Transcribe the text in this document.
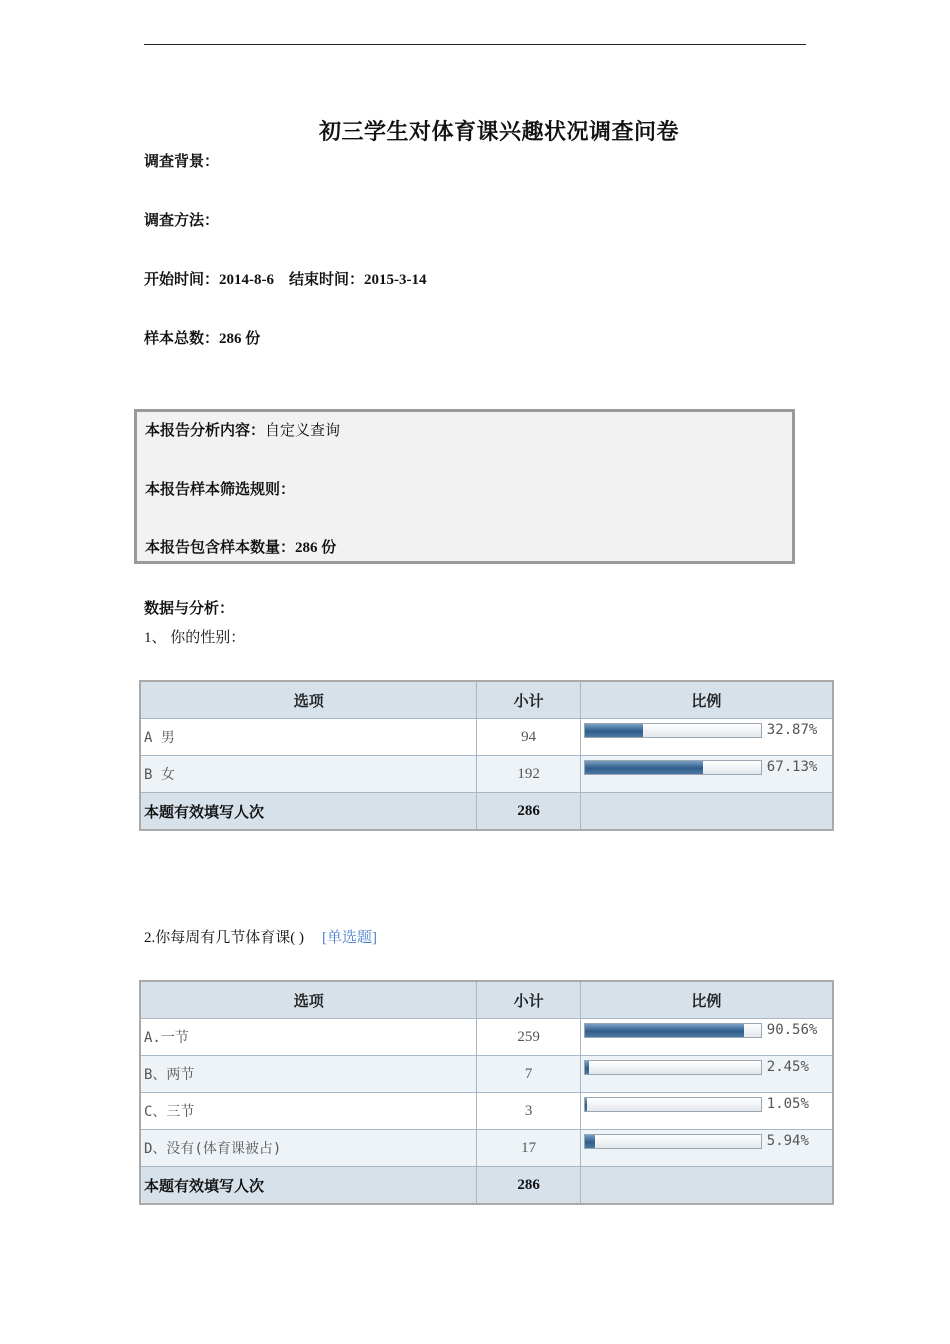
初三学生对体育课兴趣状况调查问卷
调查背景：
调查方法：
开始时间：2014-8-6　结束时间：2015-3-14
样本总数：286 份
本报告分析内容：自定义查询
本报告样本筛选规则：
本报告包含样本数量：286 份
数据与分析：
1、 你的性别：
选项	小计	比例
A 男	94	32.87%

B 女	192	67.13%

本题有效填写人次	286	
2.你每周有几节体育课( ) [单选题]
选项	小计	比例
A.一节	259	90.56%

B、两节	7	2.45%

C、三节	3	1.05%

D、没有(体育课被占)	17	5.94%

本题有效填写人次	286	
